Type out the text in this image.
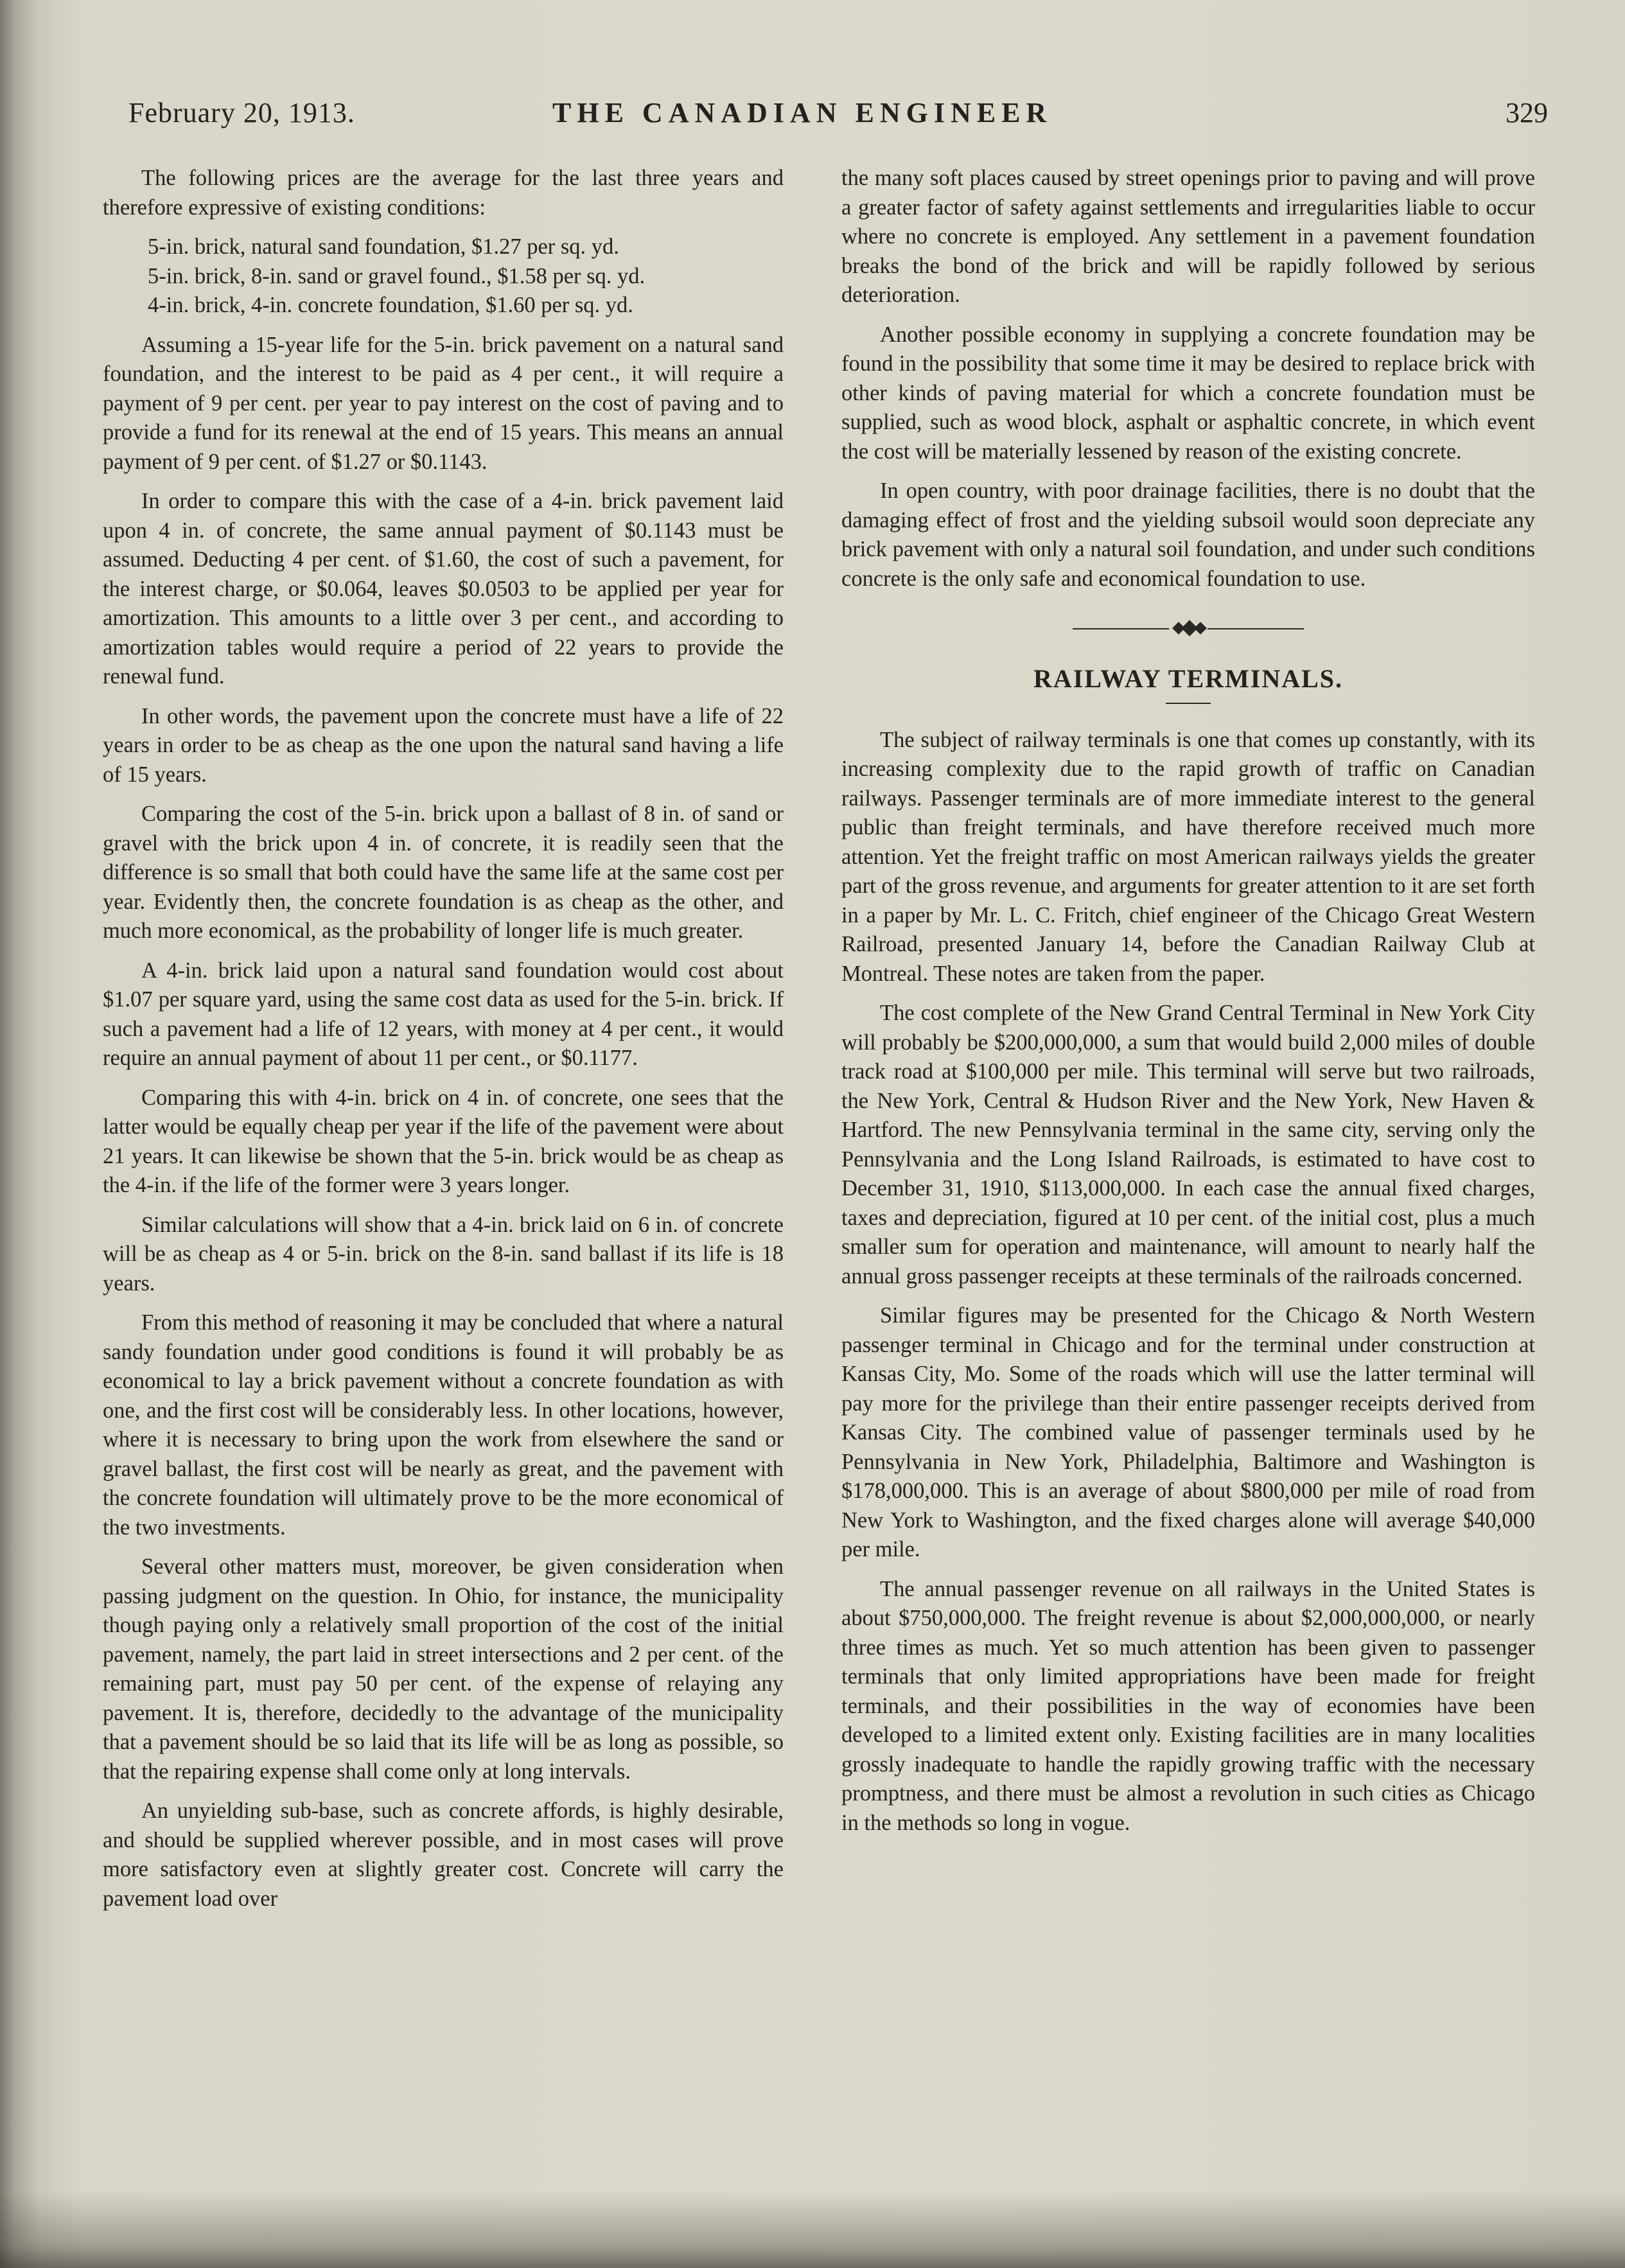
February 20, 1913.	THE CANADIAN ENGINEER	329

The following prices are the average for the last three years and therefore expressive of existing conditions:

5-in. brick, natural sand foundation, $1.27 per sq. yd.
5-in. brick, 8-in. sand or gravel found., $1.58 per sq. yd.
4-in. brick, 4-in. concrete foundation, $1.60 per sq. yd.

Assuming a 15-year life for the 5-in. brick pavement on a natural sand foundation, and the interest to be paid as 4 per cent., it will require a payment of 9 per cent. per year to pay interest on the cost of paving and to provide a fund for its renewal at the end of 15 years. This means an annual payment of 9 per cent. of $1.27 or $0.1143.

In order to compare this with the case of a 4-in. brick pavement laid upon 4 in. of concrete, the same annual payment of $0.1143 must be assumed. Deducting 4 per cent. of $1.60, the cost of such a pavement, for the interest charge, or $0.064, leaves $0.0503 to be applied per year for amortization. This amounts to a little over 3 per cent., and according to amortization tables would require a period of 22 years to provide the renewal fund.

In other words, the pavement upon the concrete must have a life of 22 years in order to be as cheap as the one upon the natural sand having a life of 15 years.

Comparing the cost of the 5-in. brick upon a ballast of 8 in. of sand or gravel with the brick upon 4 in. of concrete, it is readily seen that the difference is so small that both could have the same life at the same cost per year. Evidently then, the concrete foundation is as cheap as the other, and much more economical, as the probability of longer life is much greater.

A 4-in. brick laid upon a natural sand foundation would cost about $1.07 per square yard, using the same cost data as used for the 5-in. brick. If such a pavement had a life of 12 years, with money at 4 per cent., it would require an annual payment of about 11 per cent., or $0.1177.

Comparing this with 4-in. brick on 4 in. of concrete, one sees that the latter would be equally cheap per year if the life of the pavement were about 21 years. It can likewise be shown that the 5-in. brick would be as cheap as the 4-in. if the life of the former were 3 years longer.

Similar calculations will show that a 4-in. brick laid on 6 in. of concrete will be as cheap as 4 or 5-in. brick on the 8-in. sand ballast if its life is 18 years.

From this method of reasoning it may be concluded that where a natural sandy foundation under good conditions is found it will probably be as economical to lay a brick pavement without a concrete foundation as with one, and the first cost will be considerably less. In other locations, however, where it is necessary to bring upon the work from elsewhere the sand or gravel ballast, the first cost will be nearly as great, and the pavement with the concrete foundation will ultimately prove to be the more economical of the two investments.

Several other matters must, moreover, be given consideration when passing judgment on the question. In Ohio, for instance, the municipality though paying only a relatively small proportion of the cost of the initial pavement, namely, the part laid in street intersections and 2 per cent. of the remaining part, must pay 50 per cent. of the expense of relaying any pavement. It is, therefore, decidedly to the advantage of the municipality that a pavement should be so laid that its life will be as long as possible, so that the repairing expense shall come only at long intervals.

An unyielding sub-base, such as concrete affords, is highly desirable, and should be supplied wherever possible, and in most cases will prove more satisfactory even at slightly greater cost. Concrete will carry the pavement load over

the many soft places caused by street openings prior to paving and will prove a greater factor of safety against settlements and irregularities liable to occur where no concrete is employed. Any settlement in a pavement foundation breaks the bond of the brick and will be rapidly followed by serious deterioration.

Another possible economy in supplying a concrete foundation may be found in the possibility that some time it may be desired to replace brick with other kinds of paving material for which a concrete foundation must be supplied, such as wood block, asphalt or asphaltic concrete, in which event the cost will be materially lessened by reason of the existing concrete.

In open country, with poor drainage facilities, there is no doubt that the damaging effect of frost and the yielding subsoil would soon depreciate any brick pavement with only a natural soil foundation, and under such conditions concrete is the only safe and economical foundation to use.

RAILWAY TERMINALS.

The subject of railway terminals is one that comes up constantly, with its increasing complexity due to the rapid growth of traffic on Canadian railways. Passenger terminals are of more immediate interest to the general public than freight terminals, and have therefore received much more attention. Yet the freight traffic on most American railways yields the greater part of the gross revenue, and arguments for greater attention to it are set forth in a paper by Mr. L. C. Fritch, chief engineer of the Chicago Great Western Railroad, presented January 14, before the Canadian Railway Club at Montreal. These notes are taken from the paper.

The cost complete of the New Grand Central Terminal in New York City will probably be $200,000,000, a sum that would build 2,000 miles of double track road at $100,000 per mile. This terminal will serve but two railroads, the New York, Central & Hudson River and the New York, New Haven & Hartford. The new Pennsylvania terminal in the same city, serving only the Pennsylvania and the Long Island Railroads, is estimated to have cost to December 31, 1910, $113,000,000. In each case the annual fixed charges, taxes and depreciation, figured at 10 per cent. of the initial cost, plus a much smaller sum for operation and maintenance, will amount to nearly half the annual gross passenger receipts at these terminals of the railroads concerned.

Similar figures may be presented for the Chicago & North Western passenger terminal in Chicago and for the terminal under construction at Kansas City, Mo. Some of the roads which will use the latter terminal will pay more for the privilege than their entire passenger receipts derived from Kansas City. The combined value of passenger terminals used by he Pennsylvania in New York, Philadelphia, Baltimore and Washington is $178,000,000. This is an average of about $800,000 per mile of road from New York to Washington, and the fixed charges alone will average $40,000 per mile.

The annual passenger revenue on all railways in the United States is about $750,000,000. The freight revenue is about $2,000,000,000, or nearly three times as much. Yet so much attention has been given to passenger terminals that only limited appropriations have been made for freight terminals, and their possibilities in the way of economies have been developed to a limited extent only. Existing facilities are in many localities grossly inadequate to handle the rapidly growing traffic with the necessary promptness, and there must be almost a revolution in such cities as Chicago in the methods so long in vogue.
